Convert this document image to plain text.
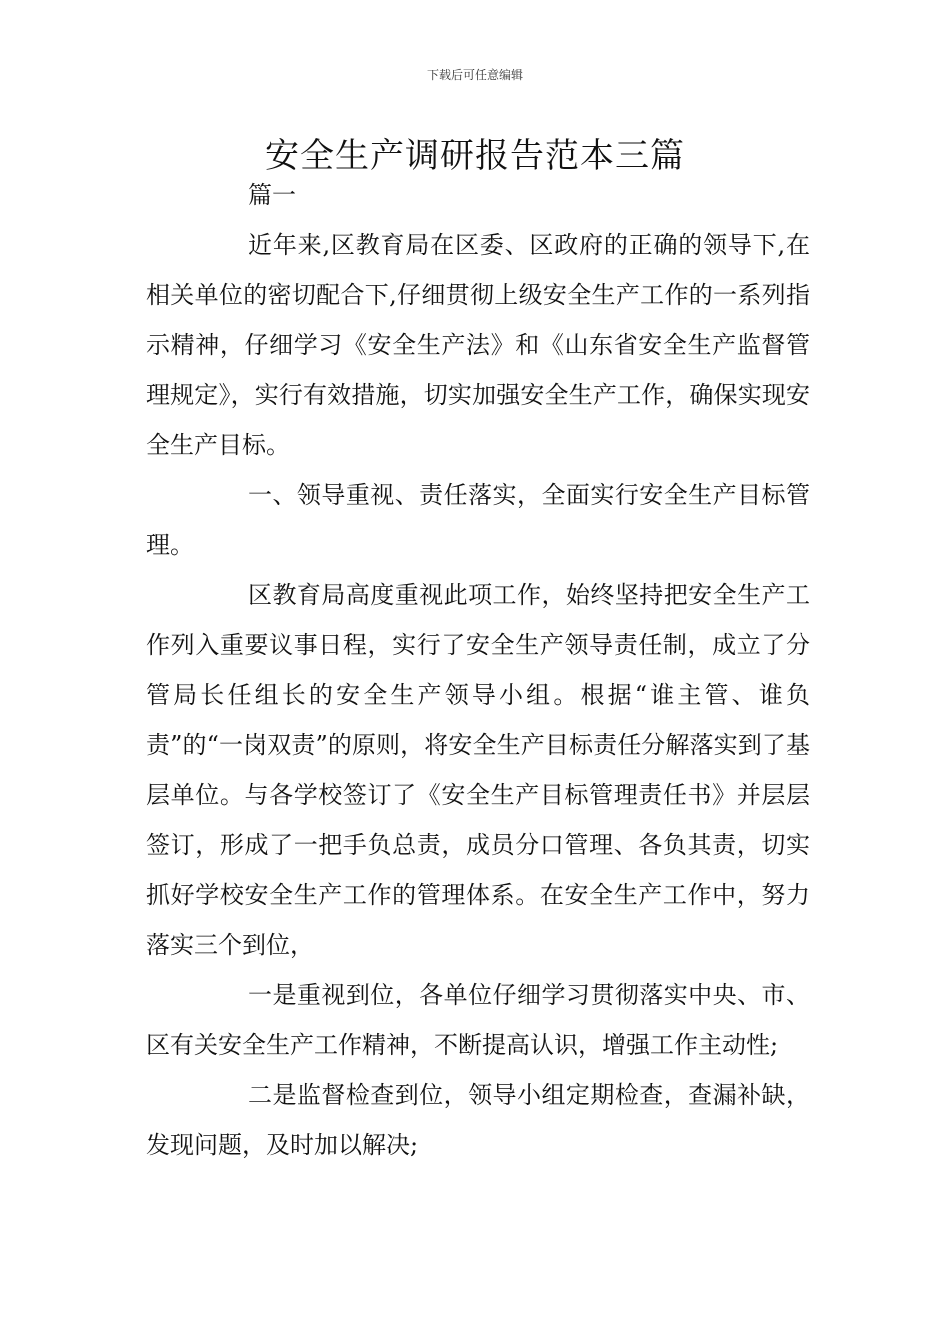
下载后可任意编辑
安全生产调研报告范本三篇

篇一

近年来,区教育局在区委、区政府的正确的领导下,在相关单位的密切配合下,仔细贯彻上级安全生产工作的一系列指示精神，仔细学习《安全生产法》和《山东省安全生产监督管理规定》，实行有效措施，切实加强安全生产工作，确保实现安全生产目标。

一、领导重视、责任落实，全面实行安全生产目标管理。

区教育局高度重视此项工作，始终坚持把安全生产工作列入重要议事日程，实行了安全生产领导责任制，成立了分管局长任组长的安全生产领导小组。根据“谁主管、谁负责”的“一岗双责”的原则，将安全生产目标责任分解落实到了基层单位。与各学校签订了《安全生产目标管理责任书》并层层签订，形成了一把手负总责，成员分口管理、各负其责，切实抓好学校安全生产工作的管理体系。在安全生产工作中，努力落实三个到位，

一是重视到位，各单位仔细学习贯彻落实中央、市、区有关安全生产工作精神，不断提高认识，增强工作主动性;

二是监督检查到位，领导小组定期检查，查漏补缺，发现问题，及时加以解决;
